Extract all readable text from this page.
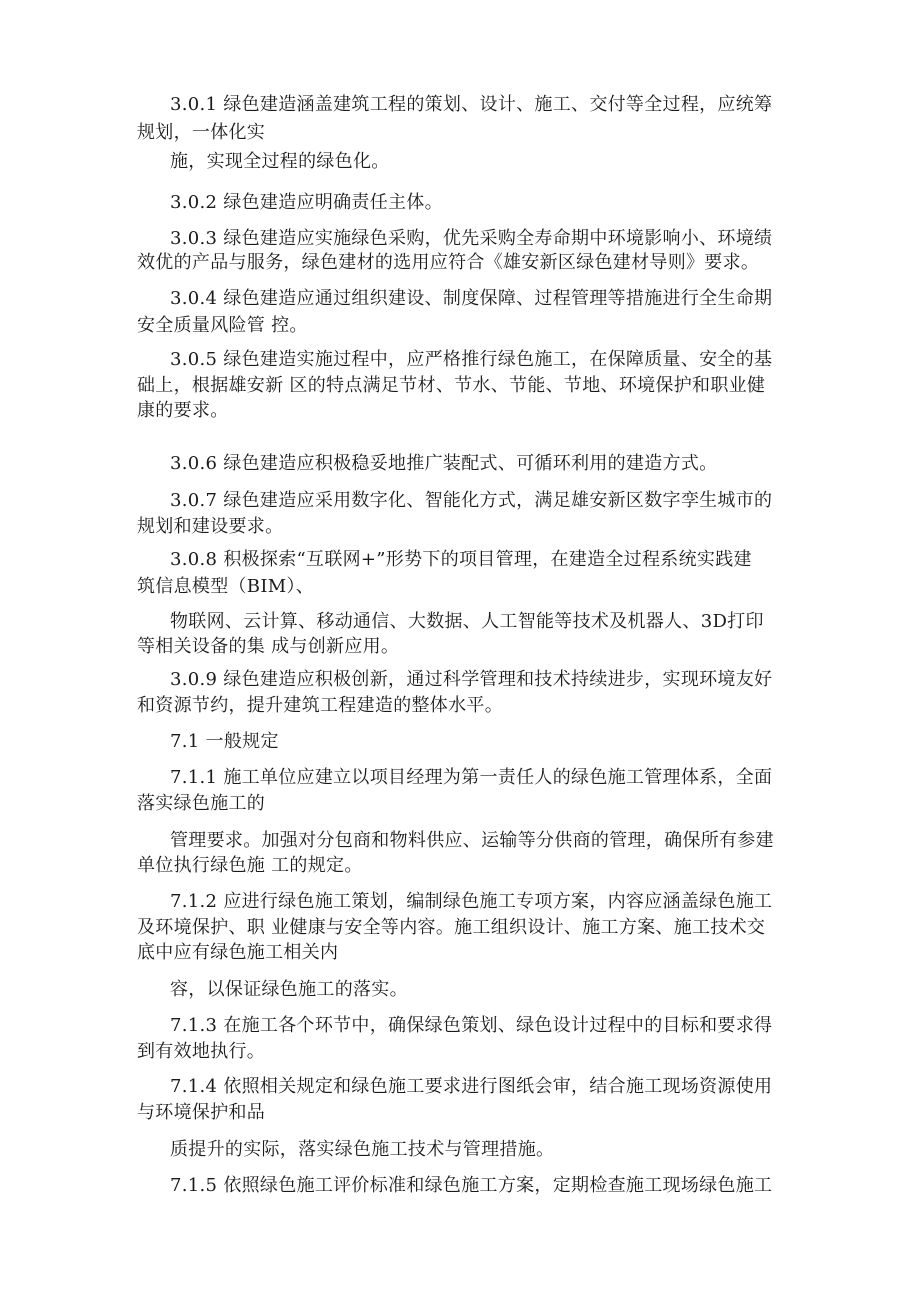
3.0.1 绿色建造涵盖建筑工程的策划、设计、施工、交付等全过程，应统筹
规划，一体化实
施，实现全过程的绿色化。
3.0.2 绿色建造应明确责任主体。
3.0.3 绿色建造应实施绿色采购，优先采购全寿命期中环境影响小、环境绩
效优的产品与服务，绿色建材的选用应符合《雄安新区绿色建材导则》要求。
3.0.4 绿色建造应通过组织建设、制度保障、过程管理等措施进行全生命期
安全质量风险管 控。
3.0.5 绿色建造实施过程中，应严格推行绿色施工，在保障质量、安全的基
础上，根据雄安新 区的特点满足节材、节水、节能、节地、环境保护和职业健
康的要求。
3.0.6 绿色建造应积极稳妥地推广装配式、可循环利用的建造方式。
3.0.7 绿色建造应采用数字化、智能化方式，满足雄安新区数字孪生城市的
规划和建设要求。
3.0.8 积极探索“互联网+”形势下的项目管理，在建造全过程系统实践建
筑信息模型（BIM）、
物联网、云计算、移动通信、大数据、人工智能等技术及机器人、3D打印
等相关设备的集 成与创新应用。
3.0.9 绿色建造应积极创新，通过科学管理和技术持续进步，实现环境友好
和资源节约，提升建筑工程建造的整体水平。
7.1 一般规定
7.1.1 施工单位应建立以项目经理为第一责任人的绿色施工管理体系，全面
落实绿色施工的
管理要求。加强对分包商和物料供应、运输等分供商的管理，确保所有参建
单位执行绿色施 工的规定。
7.1.2 应进行绿色施工策划，编制绿色施工专项方案，内容应涵盖绿色施工
及环境保护、职 业健康与安全等内容。施工组织设计、施工方案、施工技术交
底中应有绿色施工相关内
容，以保证绿色施工的落实。
7.1.3 在施工各个环节中，确保绿色策划、绿色设计过程中的目标和要求得
到有效地执行。
7.1.4 依照相关规定和绿色施工要求进行图纸会审，结合施工现场资源使用
与环境保护和品
质提升的实际，落实绿色施工技术与管理措施。
7.1.5 依照绿色施工评价标准和绿色施工方案，定期检查施工现场绿色施工
